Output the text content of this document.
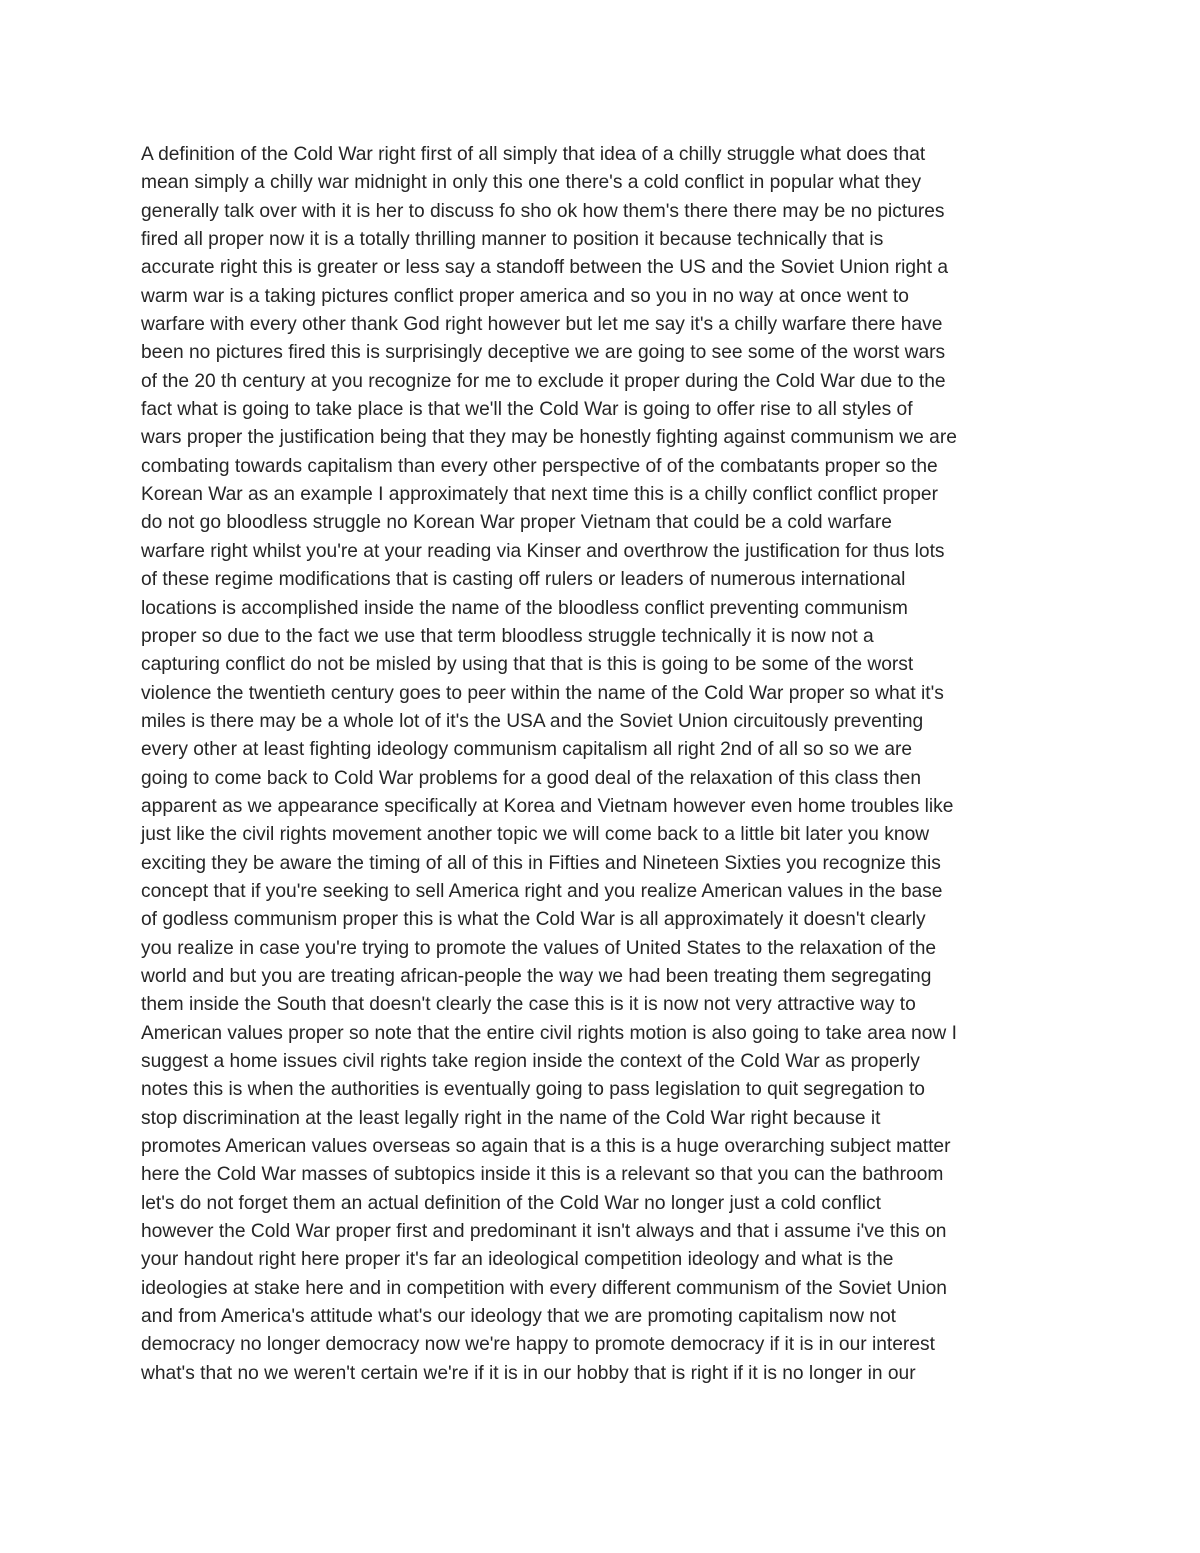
A definition of the Cold War right first of all simply that idea of a chilly struggle what does that
mean simply a chilly war midnight in only this one there's a cold conflict in popular what they
generally talk over with it is her to discuss fo sho ok how them's there there may be no pictures
fired all proper now it is a totally thrilling manner to position it because technically that is
accurate right this is greater or less say a standoff between the US and the Soviet Union right a
warm war is a taking pictures conflict proper america and so you in no way at once went to
warfare with every other thank God right however but let me say it's a chilly warfare there have
been no pictures fired this is surprisingly deceptive we are going to see some of the worst wars
of the 20 th century at you recognize for me to exclude it proper during the Cold War due to the
fact what is going to take place is that we'll the Cold War is going to offer rise to all styles of
wars proper the justification being that they may be honestly fighting against communism we are
combating towards capitalism than every other perspective of of the combatants proper so the
Korean War as an example I approximately that next time this is a chilly conflict conflict proper
do not go bloodless struggle no Korean War proper Vietnam that could be a cold warfare
warfare right whilst you're at your reading via Kinser and overthrow the justification for thus lots
of these regime modifications that is casting off rulers or leaders of numerous international
locations is accomplished inside the name of the bloodless conflict preventing communism
proper so due to the fact we use that term bloodless struggle technically it is now not a
capturing conflict do not be misled by using that that is this is going to be some of the worst
violence the twentieth century goes to peer within the name of the Cold War proper so what it's
miles is there may be a whole lot of it's the USA and the Soviet Union circuitously preventing
every other at least fighting ideology communism capitalism all right 2nd of all so so we are
going to come back to Cold War problems for a good deal of the relaxation of this class then
apparent as we appearance specifically at Korea and Vietnam however even home troubles like
just like the civil rights movement another topic we will come back to a little bit later you know
exciting they be aware the timing of all of this in Fifties and Nineteen Sixties you recognize this
concept that if you're seeking to sell America right and you realize American values in the base
of godless communism proper this is what the Cold War is all approximately it doesn't clearly
you realize in case you're trying to promote the values of United States to the relaxation of the
world and but you are treating african-people the way we had been treating them segregating
them inside the South that doesn't clearly the case this is it is now not very attractive way to
American values proper so note that the entire civil rights motion is also going to take area now I
suggest a home issues civil rights take region inside the context of the Cold War as properly
notes this is when the authorities is eventually going to pass legislation to quit segregation to
stop discrimination at the least legally right in the name of the Cold War right because it
promotes American values overseas so again that is a this is a huge overarching subject matter
here the Cold War masses of subtopics inside it this is a relevant so that you can the bathroom
let's do not forget them an actual definition of the Cold War no longer just a cold conflict
however the Cold War proper first and predominant it isn't always and that i assume i've this on
your handout right here proper it's far an ideological competition ideology and what is the
ideologies at stake here and in competition with every different communism of the Soviet Union
and from America's attitude what's our ideology that we are promoting capitalism now not
democracy no longer democracy now we're happy to promote democracy if it is in our interest
what's that no we weren't certain we're if it is in our hobby that is right if it is no longer in our
